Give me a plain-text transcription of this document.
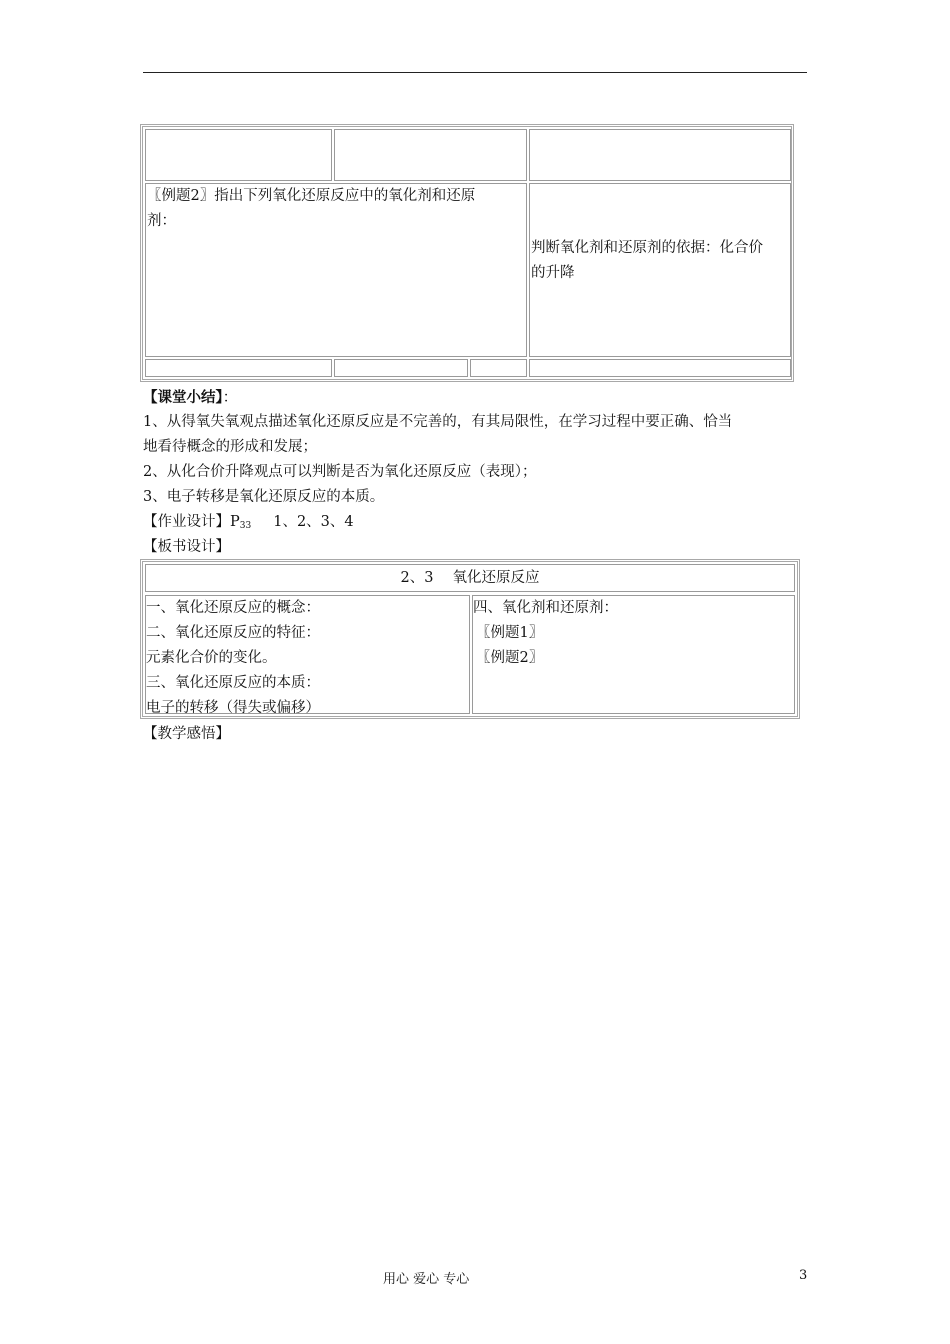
〖例题2〗指出下列氧化还原反应中的氧化剂和还原
剂：
判断氧化剂和还原剂的依据：化合价
的升降
【课堂小结】：
1、从得氧失氧观点描述氧化还原反应是不完善的，有其局限性，在学习过程中要正确、恰当
地看待概念的形成和发展；
2、从化合价升降观点可以判断是否为氧化还原反应（表现）；
3、电子转移是氧化还原反应的本质。
【作业设计】$P_{33}$ 1、2、3、4
【板书设计】
2、3　 氧化还原反应
一、氧化还原反应的概念：
二、氧化还原反应的特征：
元素化合价的变化。
三、氧化还原反应的本质：
电子的转移（得失或偏移）
四、氧化剂和还原剂：
〖例题1〗
〖例题2〗
【教学感悟】
用心 爱心 专心	3
